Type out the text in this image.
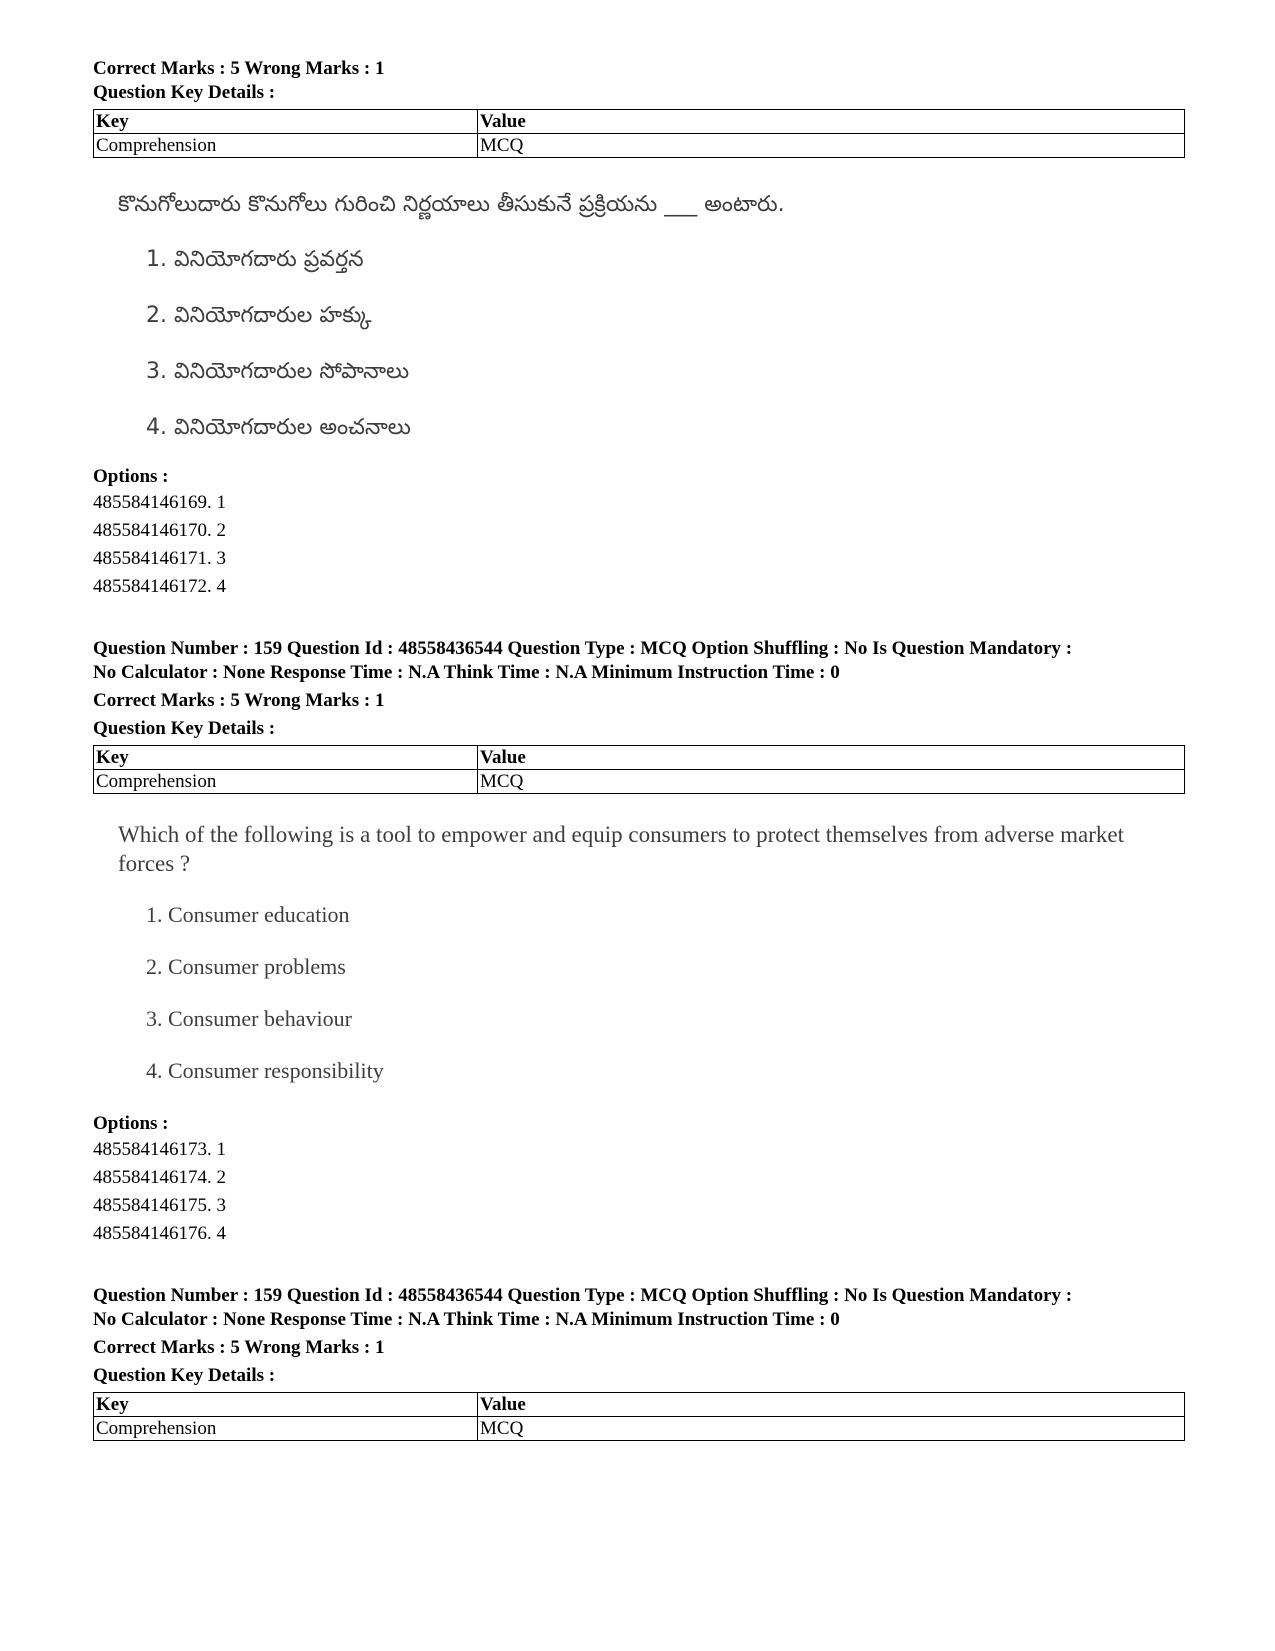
Correct Marks : 5 Wrong Marks : 1

Question Key Details :

Key	Value
Comprehension	MCQ

కొనుగోలుదారు కొనుగోలు గురించి నిర్ణయాలు తీసుకునే ప్రక్రియను ___ అంటారు.

1. వినియోగదారు ప్రవర్తన

2. వినియోగదారుల హక్కు

3. వినియోగదారుల సోపానాలు

4. వినియోగదారుల అంచనాలు

Options :

485584146169. 1

485584146170. 2

485584146171. 3

485584146172. 4

Question Number : 159 Question Id : 48558436544 Question Type : MCQ Option Shuffling : No Is Question Mandatory :

No Calculator : None Response Time : N.A Think Time : N.A Minimum Instruction Time : 0

Correct Marks : 5 Wrong Marks : 1

Question Key Details :

Key	Value
Comprehension	MCQ

Which of the following is a tool to empower and equip consumers to protect themselves from adverse market forces ?

1. Consumer education

2. Consumer problems

3. Consumer behaviour

4. Consumer responsibility

Options :

485584146173. 1

485584146174. 2

485584146175. 3

485584146176. 4

Question Number : 159 Question Id : 48558436544 Question Type : MCQ Option Shuffling : No Is Question Mandatory :

No Calculator : None Response Time : N.A Think Time : N.A Minimum Instruction Time : 0

Correct Marks : 5 Wrong Marks : 1

Question Key Details :

Key	Value
Comprehension	MCQ
